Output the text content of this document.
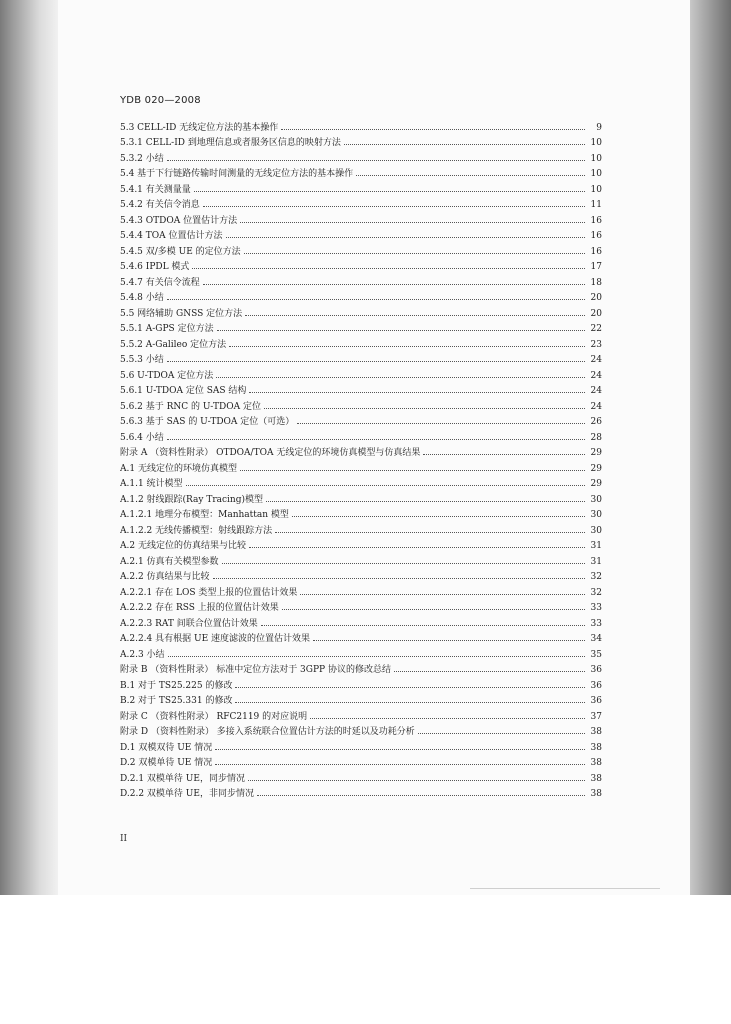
YDB 020—2008
5.3 CELL-ID 无线定位方法的基本操作	9
5.3.1 CELL-ID 到地理信息或者服务区信息的映射方法	10
5.3.2 小结	10
5.4 基于下行链路传输时间测量的无线定位方法的基本操作	10
5.4.1 有关测量量	10
5.4.2 有关信令消息	11
5.4.3 OTDOA 位置估计方法	16
5.4.4 TOA 位置估计方法	16
5.4.5 双/多模 UE 的定位方法	16
5.4.6 IPDL 模式	17
5.4.7 有关信令流程	18
5.4.8 小结	20
5.5 网络辅助 GNSS 定位方法	20
5.5.1 A-GPS 定位方法	22
5.5.2 A-Galileo 定位方法	23
5.5.3 小结	24
5.6 U-TDOA 定位方法	24
5.6.1 U-TDOA 定位 SAS 结构	24
5.6.2 基于 RNC 的 U-TDOA 定位	24
5.6.3 基于 SAS 的 U-TDOA 定位（可选）	26
5.6.4 小结	28
附录 A （资料性附录） OTDOA/TOA 无线定位的环境仿真模型与仿真结果	29
A.1 无线定位的环境仿真模型	29
A.1.1 统计模型	29
A.1.2 射线跟踪(Ray Tracing)模型	30
A.1.2.1 地理分布模型：Manhattan 模型	30
A.1.2.2 无线传播模型：射线跟踪方法	30
A.2 无线定位的仿真结果与比较	31
A.2.1 仿真有关模型参数	31
A.2.2 仿真结果与比较	32
A.2.2.1 存在 LOS 类型上报的位置估计效果	32
A.2.2.2 存在 RSS 上报的位置估计效果	33
A.2.2.3 RAT 间联合位置估计效果	33
A.2.2.4 具有根据 UE 速度滤波的位置估计效果	34
A.2.3 小结	35
附录 B （资料性附录） 标准中定位方法对于 3GPP 协议的修改总结	36
B.1 对于 TS25.225 的修改	36
B.2 对于 TS25.331 的修改	36
附录 C （资料性附录） RFC2119 的对应说明	37
附录 D （资料性附录） 多接入系统联合位置估计方法的时延以及功耗分析	38
D.1 双模双待 UE 情况	38
D.2 双模单待 UE 情况	38
D.2.1 双模单待 UE，同步情况	38
D.2.2 双模单待 UE，非同步情况	38
II
